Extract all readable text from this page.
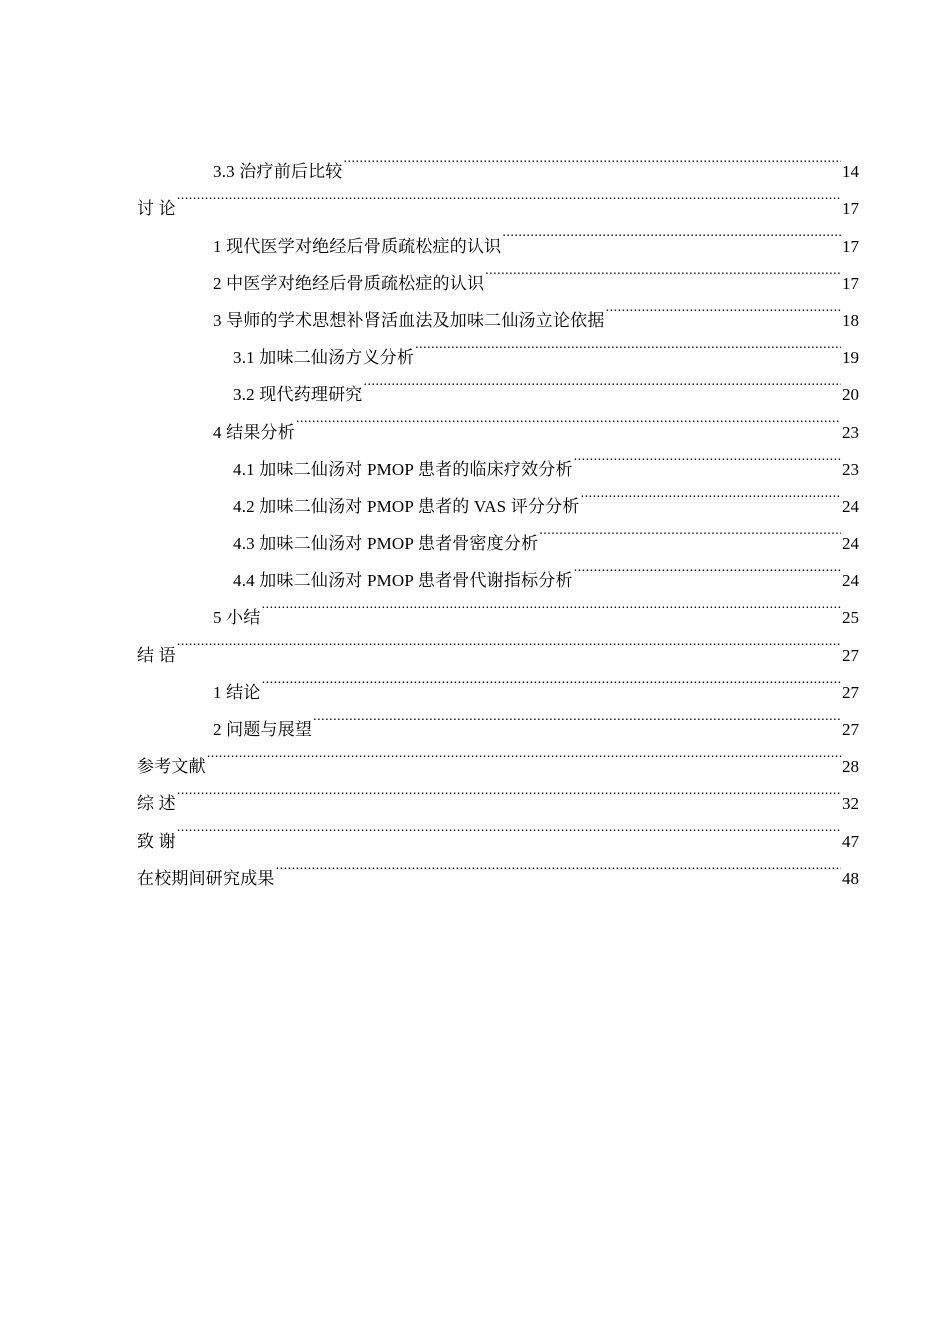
3.3 治疗前后比较 .....	14
讨 论 .....	17
1 现代医学对绝经后骨质疏松症的认识 .....	17
2 中医学对绝经后骨质疏松症的认识 .....	17
3 导师的学术思想补肾活血法及加味二仙汤立论依据 .....	18
3.1 加味二仙汤方义分析 .....	19
3.2 现代药理研究 .....	20
4 结果分析 .....	23
4.1 加味二仙汤对 PMOP 患者的临床疗效分析 .....	23
4.2 加味二仙汤对 PMOP 患者的 VAS 评分分析 .....	24
4.3 加味二仙汤对 PMOP 患者骨密度分析 .....	24
4.4 加味二仙汤对 PMOP 患者骨代谢指标分析 .....	24
5 小结 .....	25
结 语 .....	27
1 结论 .....	27
2 问题与展望 .....	27
参考文献 .....	28
综 述 .....	32
致 谢 .....	47
在校期间研究成果 .....	48
